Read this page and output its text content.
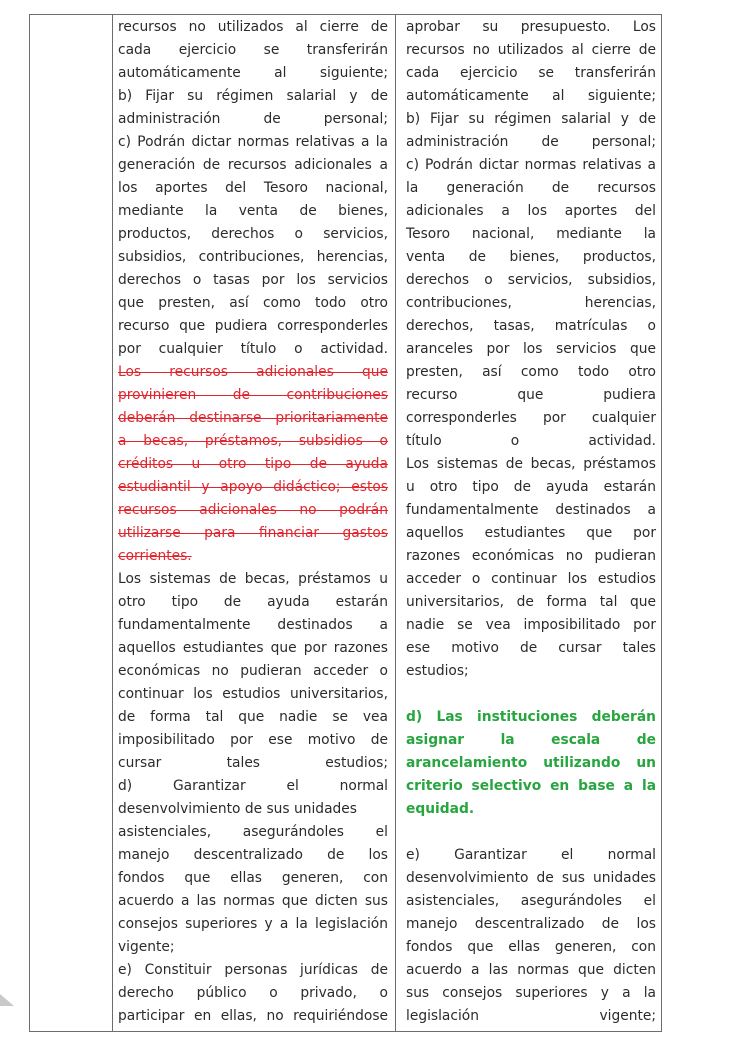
recursos no utilizados al cierre de
cada ejercicio se transferirán
automáticamente al siguiente;
b) Fijar su régimen salarial y de
administración de personal;
c) Podrán dictar normas relativas a la
generación de recursos adicionales a
los aportes del Tesoro nacional,
mediante la venta de bienes,
productos, derechos o servicios,
subsidios, contribuciones, herencias,
derechos o tasas por los servicios
que presten, así como todo otro
recurso que pudiera corresponderles
por cualquier título o actividad.
Los recursos adicionales que
provinieren de contribuciones
deberán destinarse prioritariamente
a becas, préstamos, subsidios o
créditos u otro tipo de ayuda
estudiantil y apoyo didáctico; estos
recursos adicionales no podrán
utilizarse para financiar gastos
corrientes.
Los sistemas de becas, préstamos u
otro tipo de ayuda estarán
fundamentalmente destinados a
aquellos estudiantes que por razones
económicas no pudieran acceder o
continuar los estudios universitarios,
de forma tal que nadie se vea
imposibilitado por ese motivo de
cursar tales estudios;
d) Garantizar el normal
desenvolvimiento de sus unidades
asistenciales, asegurándoles el
manejo descentralizado de los
fondos que ellas generen, con
acuerdo a las normas que dicten sus
consejos superiores y a la legislación
vigente;
e) Constituir personas jurídicas de
derecho público o privado, o
participar en ellas, no requiriéndose
aprobar su presupuesto. Los
recursos no utilizados al cierre de
cada ejercicio se transferirán
automáticamente al siguiente;
b) Fijar su régimen salarial y de
administración de personal;
c) Podrán dictar normas relativas a
la generación de recursos
adicionales a los aportes del
Tesoro nacional, mediante la
venta de bienes, productos,
derechos o servicios, subsidios,
contribuciones, herencias,
derechos, tasas, matrículas o
aranceles por los servicios que
presten, así como todo otro
recurso que pudiera
corresponderles por cualquier
título o actividad.
Los sistemas de becas, préstamos
u otro tipo de ayuda estarán
fundamentalmente destinados a
aquellos estudiantes que por
razones económicas no pudieran
acceder o continuar los estudios
universitarios, de forma tal que
nadie se vea imposibilitado por
ese motivo de cursar tales
estudios;
d) Las instituciones deberán
asignar la escala de
arancelamiento utilizando un
criterio selectivo en base a la
equidad.
e) Garantizar el normal
desenvolvimiento de sus unidades
asistenciales, asegurándoles el
manejo descentralizado de los
fondos que ellas generen, con
acuerdo a las normas que dicten
sus consejos superiores y a la
legislación vigente;
